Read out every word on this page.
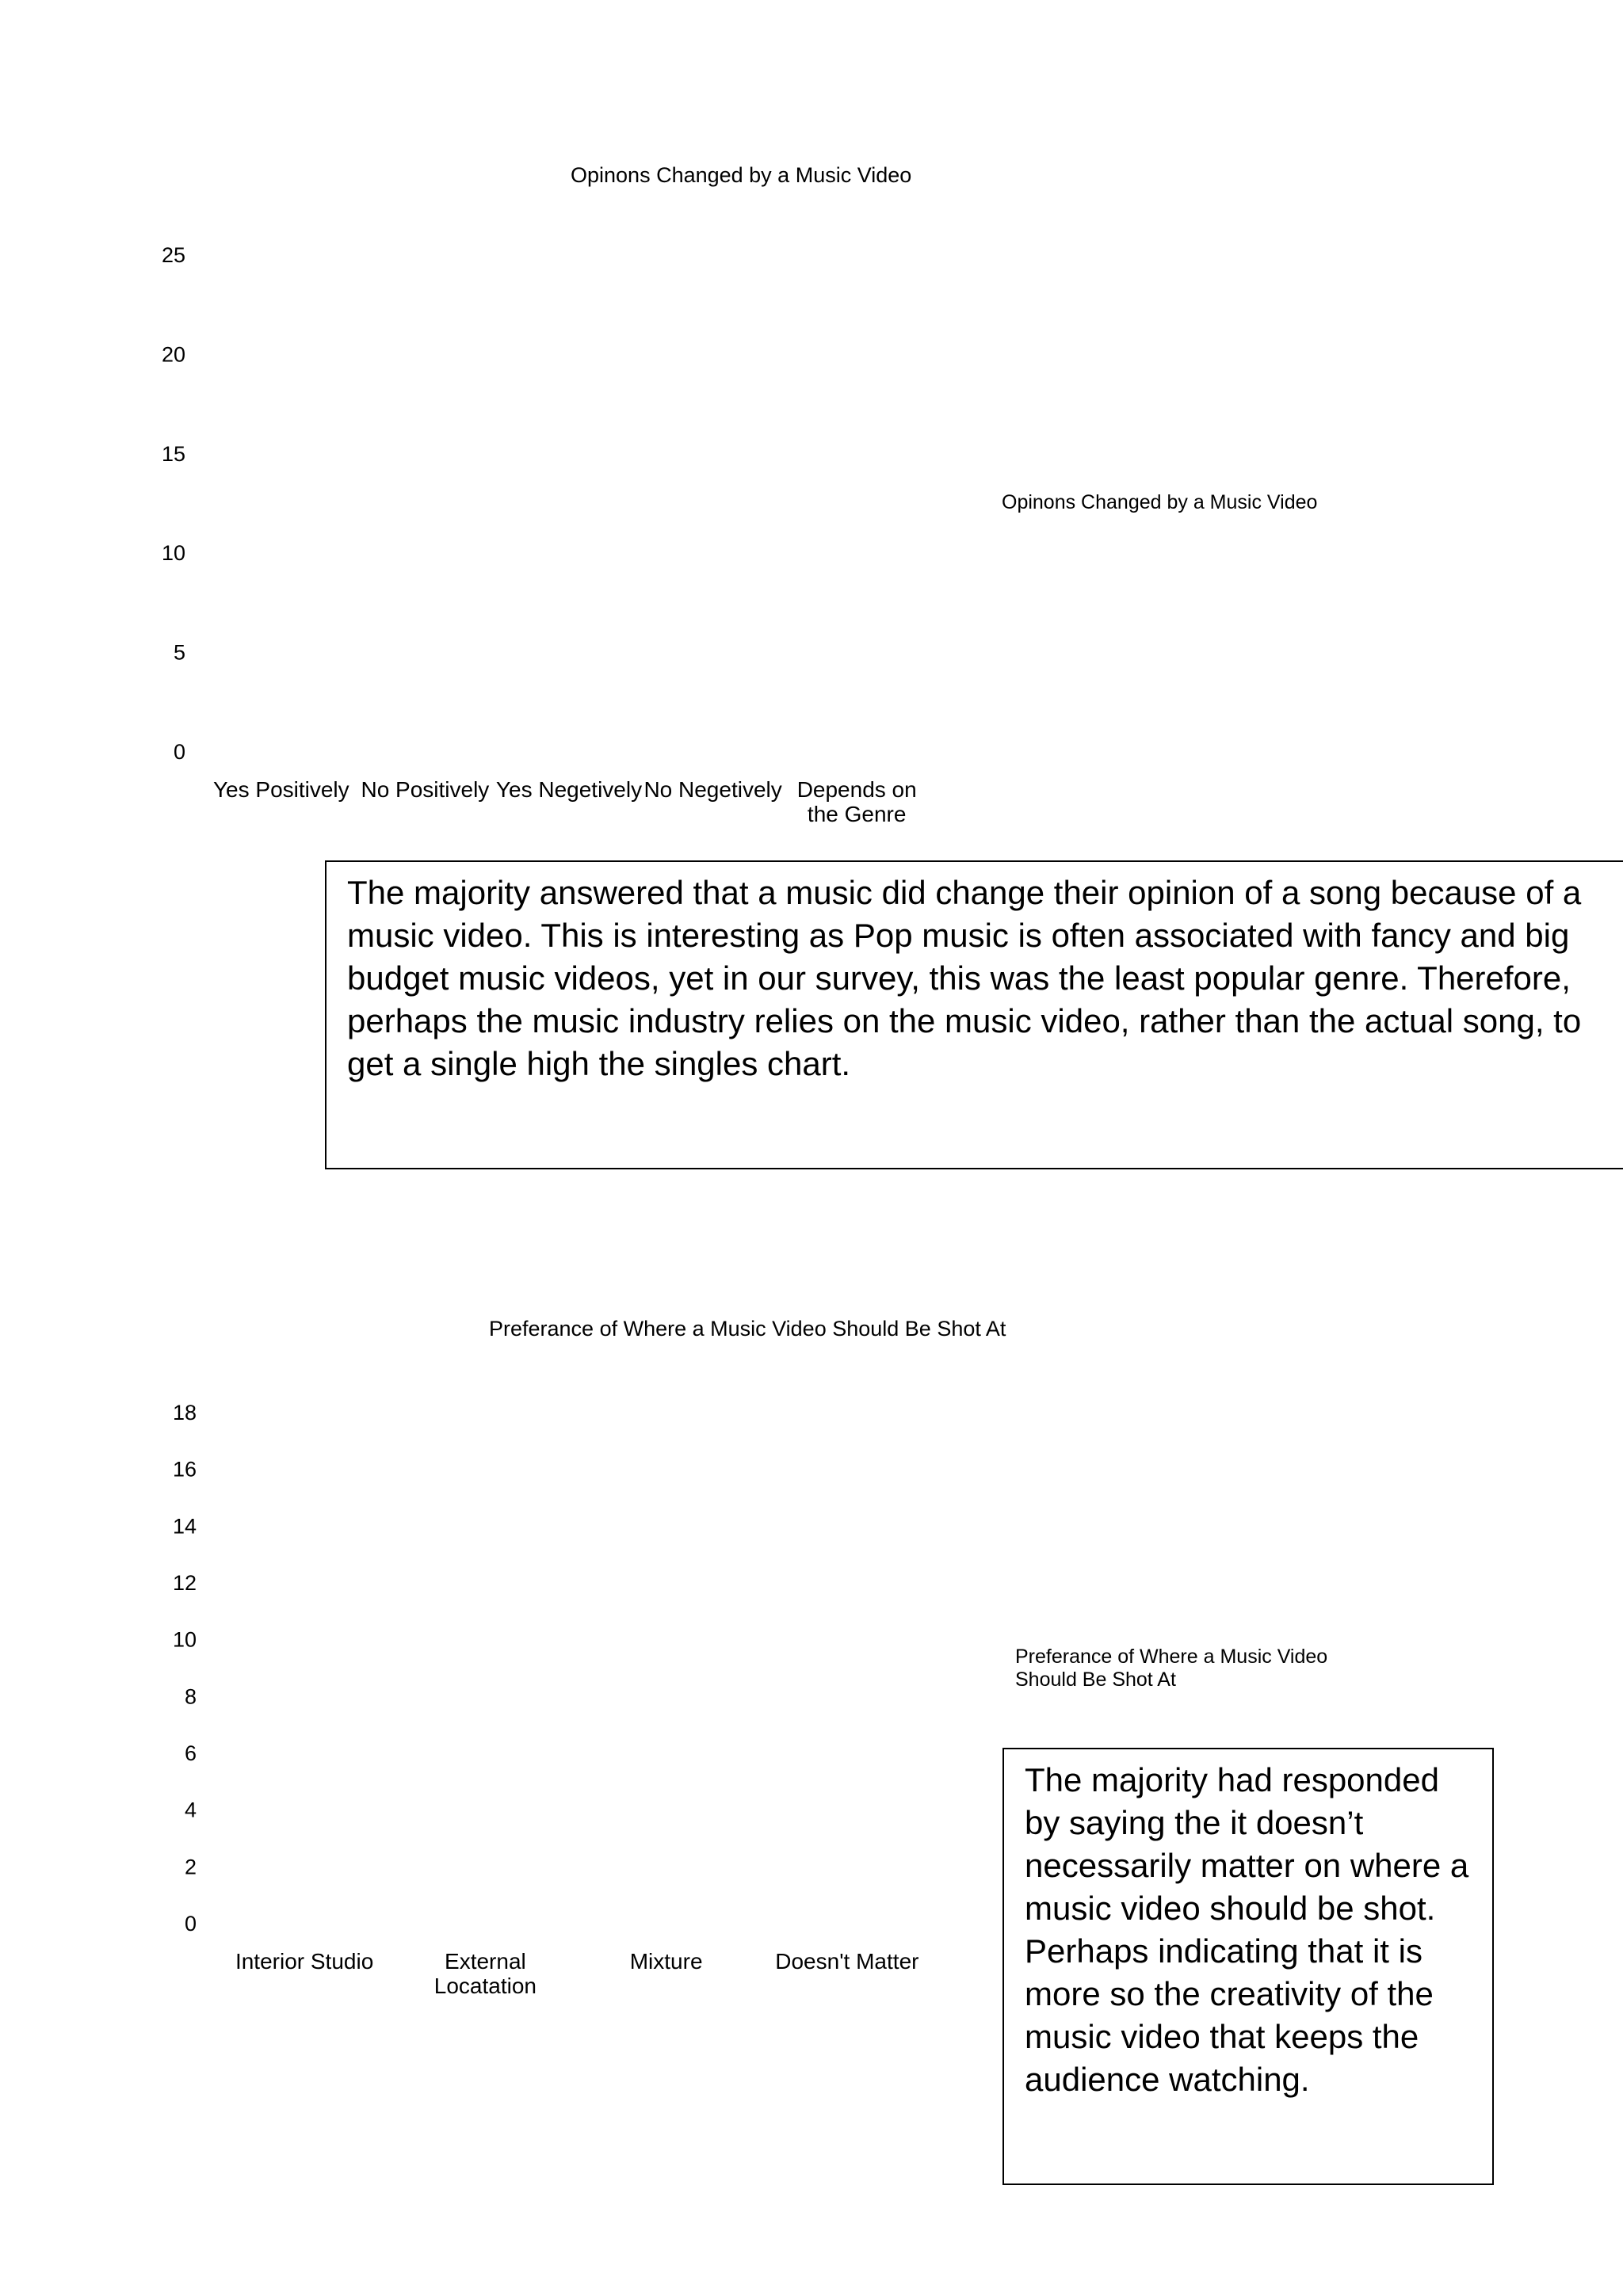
Opinons Changed by a Music Video
0
5
10
15
20
25
Yes Positively No Positively Yes Negetively No Negetively Depends on the Genre
Opinons Changed by a Music Video
The majority answered that a music did change their opinion of a song because of a music video. This is interesting as Pop music is often associated with fancy and big budget music videos, yet in our survey, this was the least popular genre. Therefore, perhaps the music industry relies on the music video, rather than the actual song, to get a single high the singles chart.
Preferance of Where a Music Video Should Be Shot At
0
2
4
6
8
10
12
14
16
18
Interior Studio	External Locatation
Mixture	Doesn't Matter
Preferance of Where a Music Video Should Be Shot At
The majority had responded by saying the it doesn’t necessarily matter on where a music video should be shot. Perhaps indicating that it is more so the creativity of the music video that keeps the audience watching.
